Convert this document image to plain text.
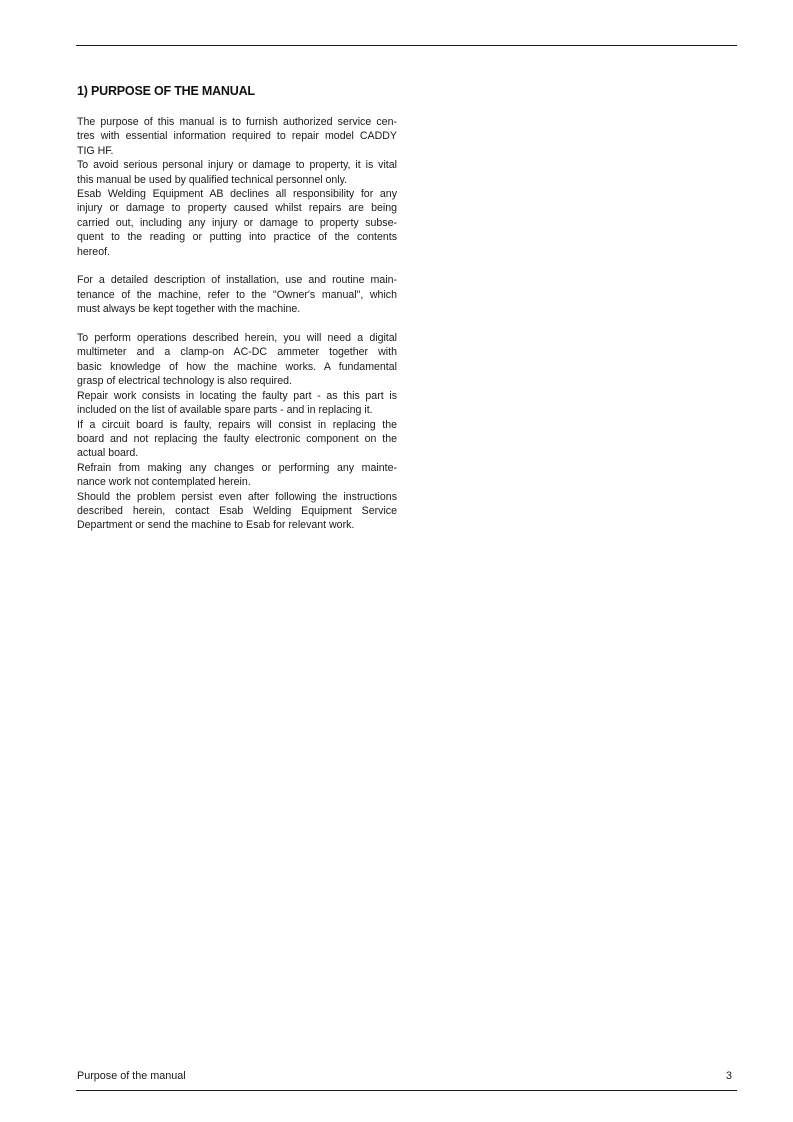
1) PURPOSE OF THE MANUAL

The purpose of this manual is to furnish authorized service cen-
tres with essential information required to repair model CADDY
TIG HF.
To avoid serious personal injury or damage to property, it is vital
this manual be used by qualified technical personnel only.
Esab Welding Equipment AB declines all responsibility for any
injury or damage to property caused whilst repairs are being
carried out, including any injury or damage to property subse-
quent to the reading or putting into practice of the contents
hereof.

For a detailed description of installation, use and routine main-
tenance of the machine, refer to the "Owner's manual", which
must always be kept together with the machine.

To perform operations described herein, you will need a digital
multimeter and a clamp-on AC-DC ammeter together with
basic knowledge of how the machine works. A fundamental
grasp of electrical technology is also required.
Repair work consists in locating the faulty part - as this part is
included on the list of available spare parts - and in replacing it.
If a circuit board is faulty, repairs will consist in replacing the
board and not replacing the faulty electronic component on the
actual board.
Refrain from making any changes or performing any mainte-
nance work not contemplated herein.
Should the problem persist even after following the instructions
described herein, contact Esab Welding Equipment Service
Department or send the machine to Esab for relevant work.

Purpose of the manual	3
